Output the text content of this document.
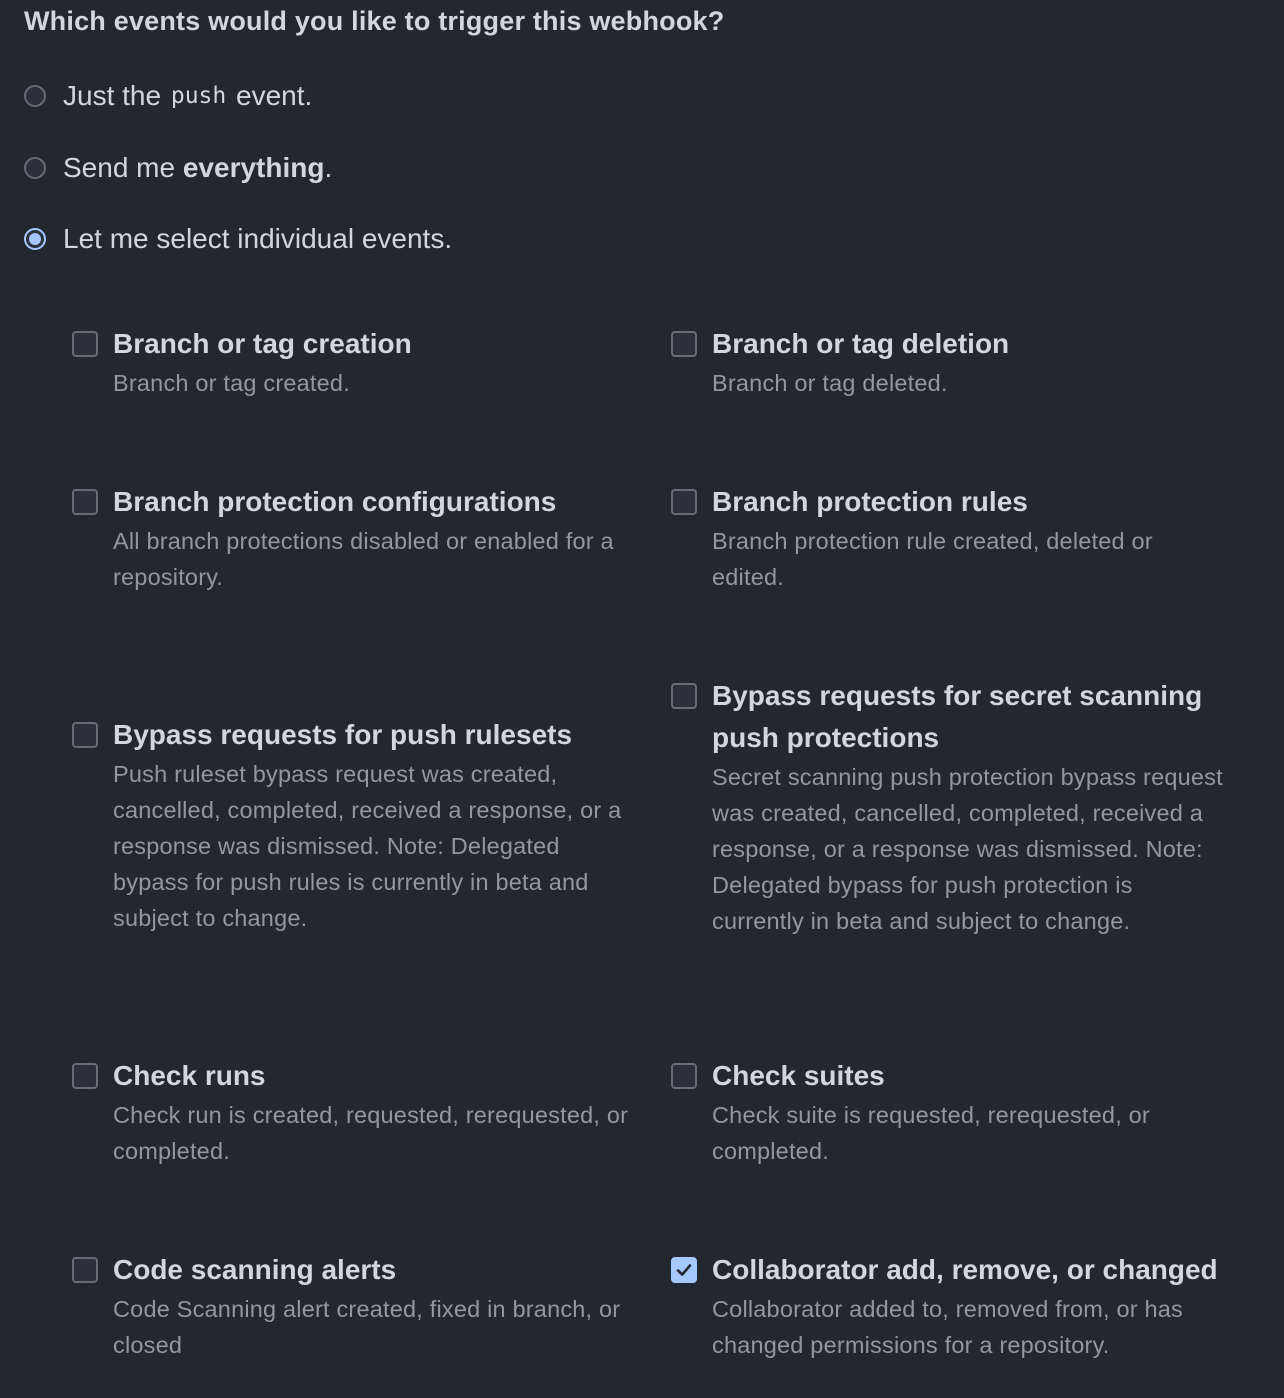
Which events would you like to trigger this webhook?
Just the
push
event.
Send me
everything .
Let me select individual events.
Branch or tag creation
Branch or tag created.
Branch or tag deletion
Branch or tag deleted.
Branch protection configurations
All branch protections disabled or enabled for a repository.
Branch protection rules
Branch protection rule created, deleted or edited.
Bypass requests for push rulesets
Push ruleset bypass request was created, cancelled, completed, received a response, or a response was dismissed. Note: Delegated bypass for push rules is currently in beta and subject to change.
Bypass requests for secret scanning push protections
Secret scanning push protection bypass request was created, cancelled, completed, received a response, or a response was dismissed. Note: Delegated bypass for push protection is currently in beta and subject to change.
Check runs
Check run is created, requested, rerequested, or completed.
Check suites
Check suite is requested, rerequested, or completed.
Code scanning alerts
Code Scanning alert created, fixed in branch, or closed
Collaborator add, remove, or changed
Collaborator added to, removed from, or has changed permissions for a repository.
